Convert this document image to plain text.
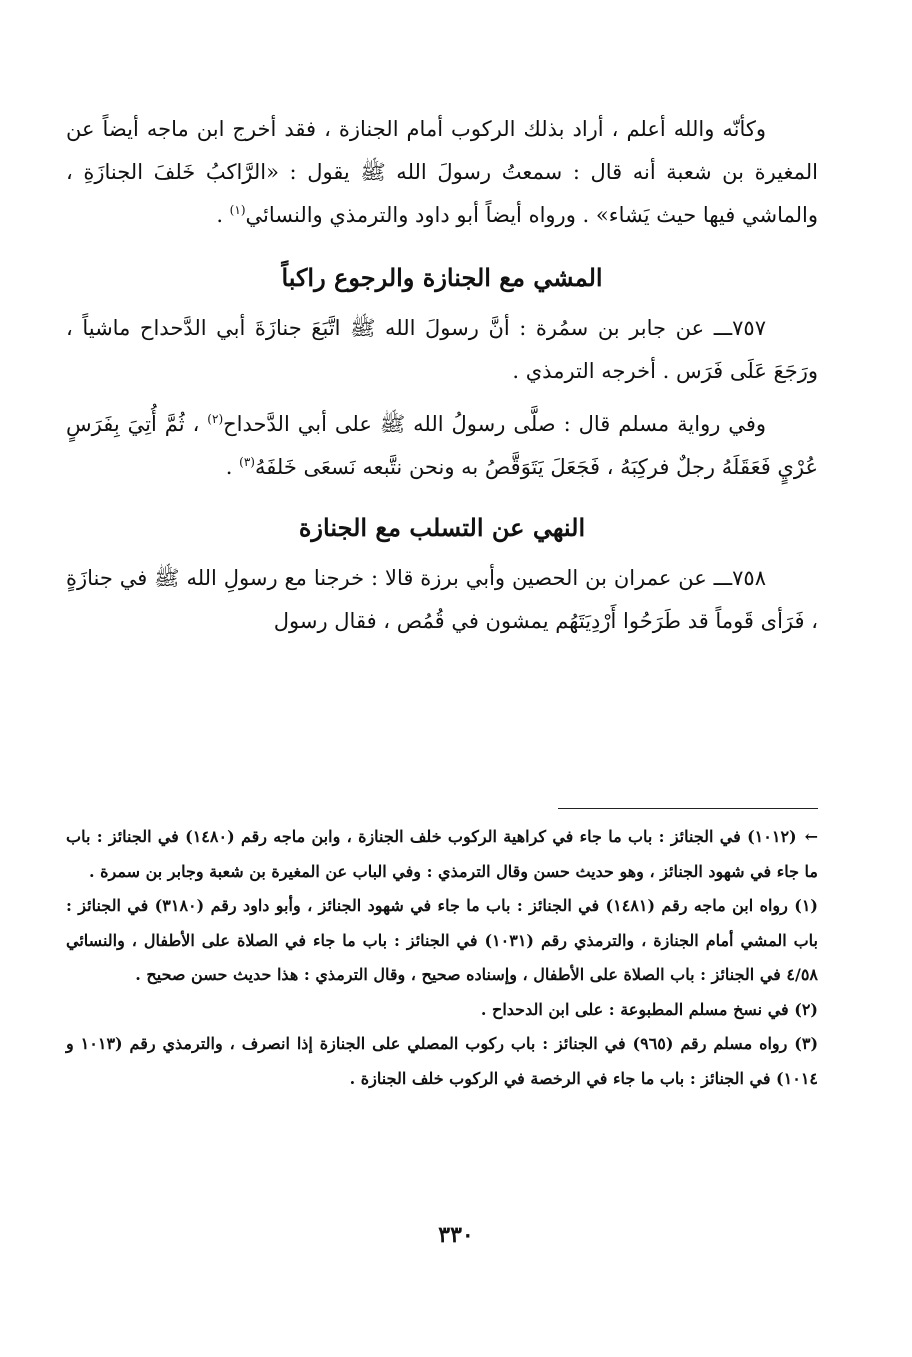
وكأنّه والله أعلم ، أراد بذلك الركوب أمام الجنازة ، فقد أخرج ابن ماجه أيضاً عن المغيرة بن شعبة أنه قال : سمعتُ رسولَ الله ﷺ يقول : «الرَّاكبُ خَلفَ الجنازَةِ ، والماشي فيها حيث يَشاء» . ورواه أيضاً أبو داود والترمذي والنسائي$^{(١)}$ .

المشي مع الجنازة والرجوع راكباً

٧٥٧ـــ عن جابر بن سمُرة : أنَّ رسولَ الله ﷺ اتَّبَعَ جنازَةَ أبي الدَّحداح ماشياً ، ورَجَعَ عَلَى فَرَس . أخرجه الترمذي .

وفي رواية مسلم قال : صلَّى رسولُ الله ﷺ على أبي الدَّحداح$^{(٢)}$ ، ثُمَّ أُتِيَ بِفَرَسٍ عُرْيٍ فَعَقَلَهُ رجلٌ فركِبَهُ ، فَجَعَلَ يَتَوَقَّصُ به ونحن نتَّبعه نَسعَى خَلفَهُ$^{(٣)}$ .

النهي عن التسلب مع الجنازة

٧٥٨ـــ عن عمران بن الحصين وأبي برزة قالا : خرجنا مع رسولِ الله ﷺ في جنازَةٍ ، فَرَأى قَوماً قد طَرَحُوا أَرْدِيَتَهُم يمشون في قُمُص ، فقال رسول

←(١٠١٢) في الجنائز : باب ما جاء في كراهية الركوب خلف الجنازة ، وابن ماجه رقم (١٤٨٠) في الجنائز : باب ما جاء في شهود الجنائز ، وهو حديث حسن وقال الترمذي : وفي الباب عن المغيرة بن شعبة وجابر بن سمرة .

(١) رواه ابن ماجه رقم (١٤٨١) في الجنائز : باب ما جاء في شهود الجنائز ، وأبو داود رقم (٣١٨٠) في الجنائز : باب المشي أمام الجنازة ، والترمذي رقم (١٠٣١) في الجنائز : باب ما جاء في الصلاة على الأطفال ، والنسائي ٤/٥٨ في الجنائز : باب الصلاة على الأطفال ، وإسناده صحيح ، وقال الترمذي : هذا حديث حسن صحيح .

(٢) في نسخ مسلم المطبوعة : على ابن الدحداح .

(٣) رواه مسلم رقم (٩٦٥) في الجنائز : باب ركوب المصلي على الجنازة إذا انصرف ، والترمذي رقم (١٠١٣ و ١٠١٤) في الجنائز : باب ما جاء في الرخصة في الركوب خلف الجنازة .

٣٣٠
